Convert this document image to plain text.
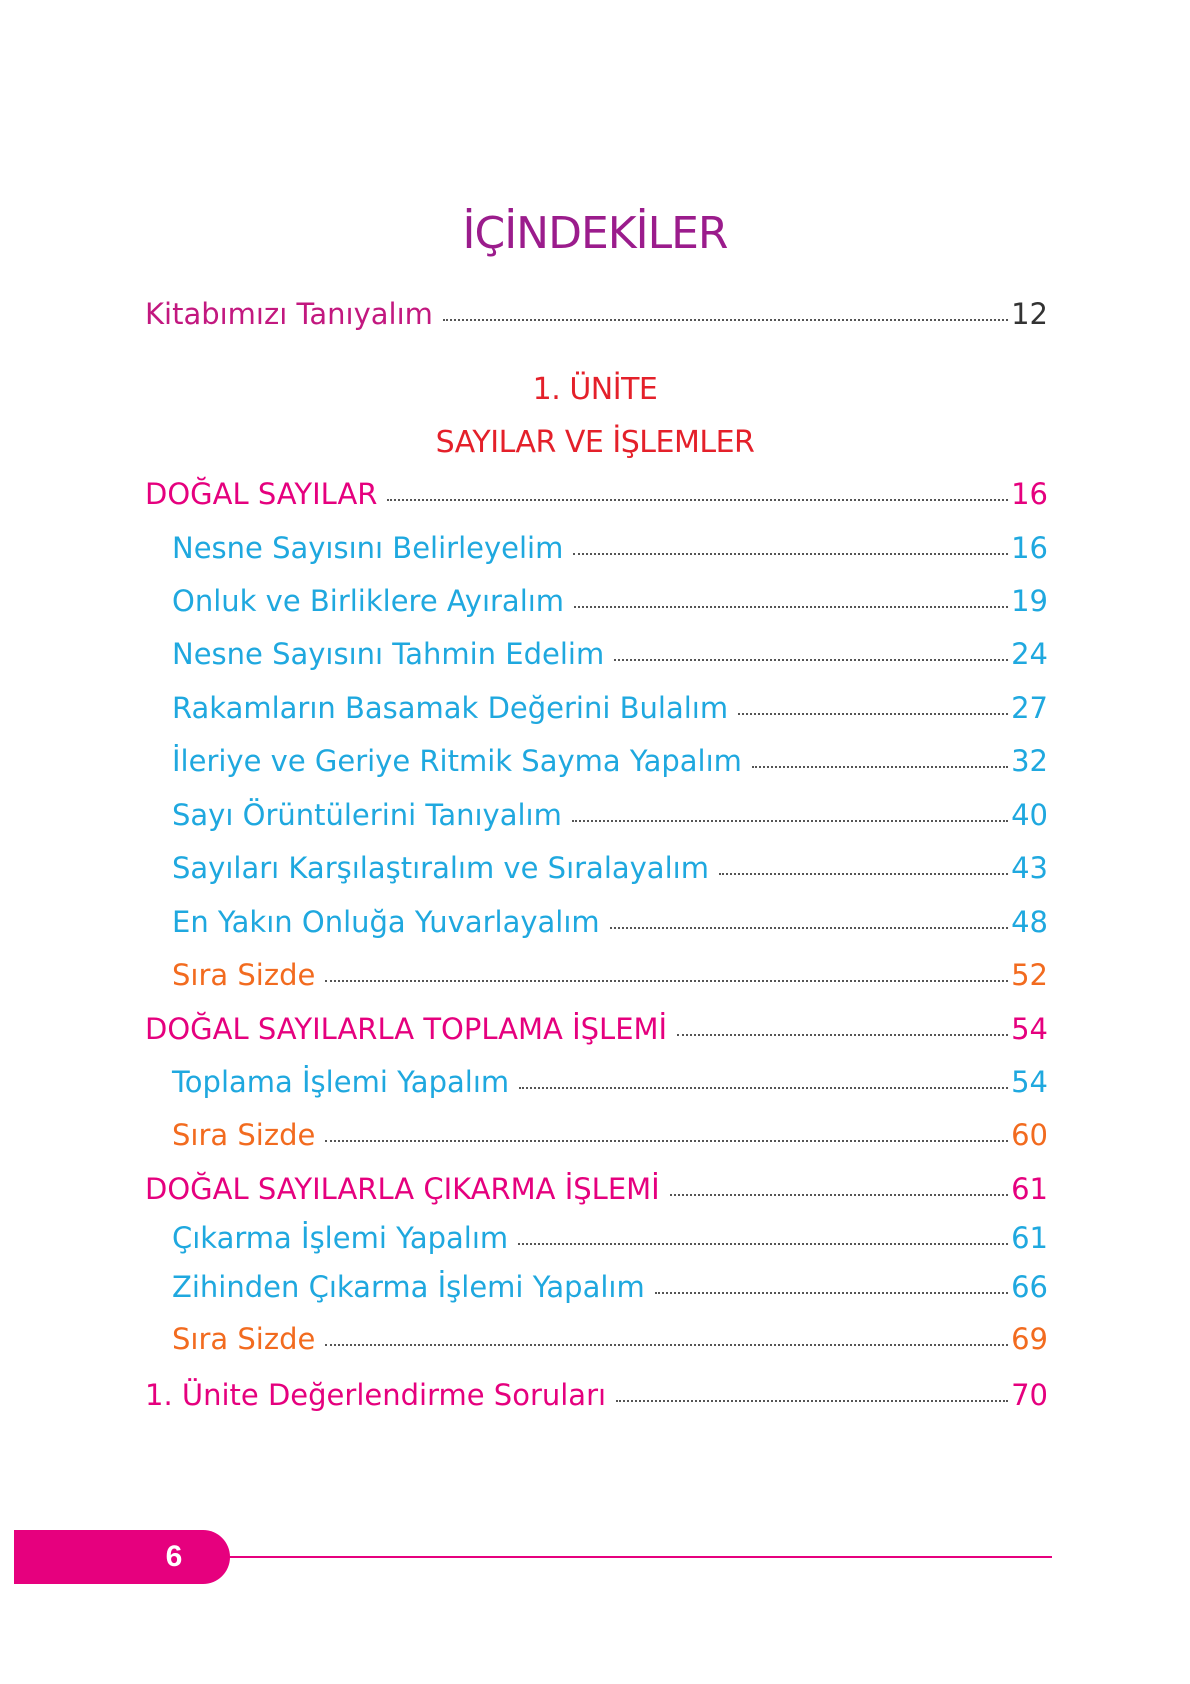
İÇİNDEKİLER
Kitabımızı Tanıyalım	12
1. ÜNİTE
SAYILAR VE İŞLEMLER
DOĞAL SAYILAR	16
Nesne Sayısını Belirleyelim	16
Onluk ve Birliklere Ayıralım	19
Nesne Sayısını Tahmin Edelim	24
Rakamların Basamak Değerini Bulalım	27
İleriye ve Geriye Ritmik Sayma Yapalım	32
Sayı Örüntülerini Tanıyalım	40
Sayıları Karşılaştıralım ve Sıralayalım	43
En Yakın Onluğa Yuvarlayalım	48
Sıra Sizde	52
DOĞAL SAYILARLA TOPLAMA İŞLEMİ	54
Toplama İşlemi Yapalım	54
Sıra Sizde	60
DOĞAL SAYILARLA ÇIKARMA İŞLEMİ	61
Çıkarma İşlemi Yapalım	61
Zihinden Çıkarma İşlemi Yapalım	66
Sıra Sizde	69
1. Ünite Değerlendirme Soruları	70
6
